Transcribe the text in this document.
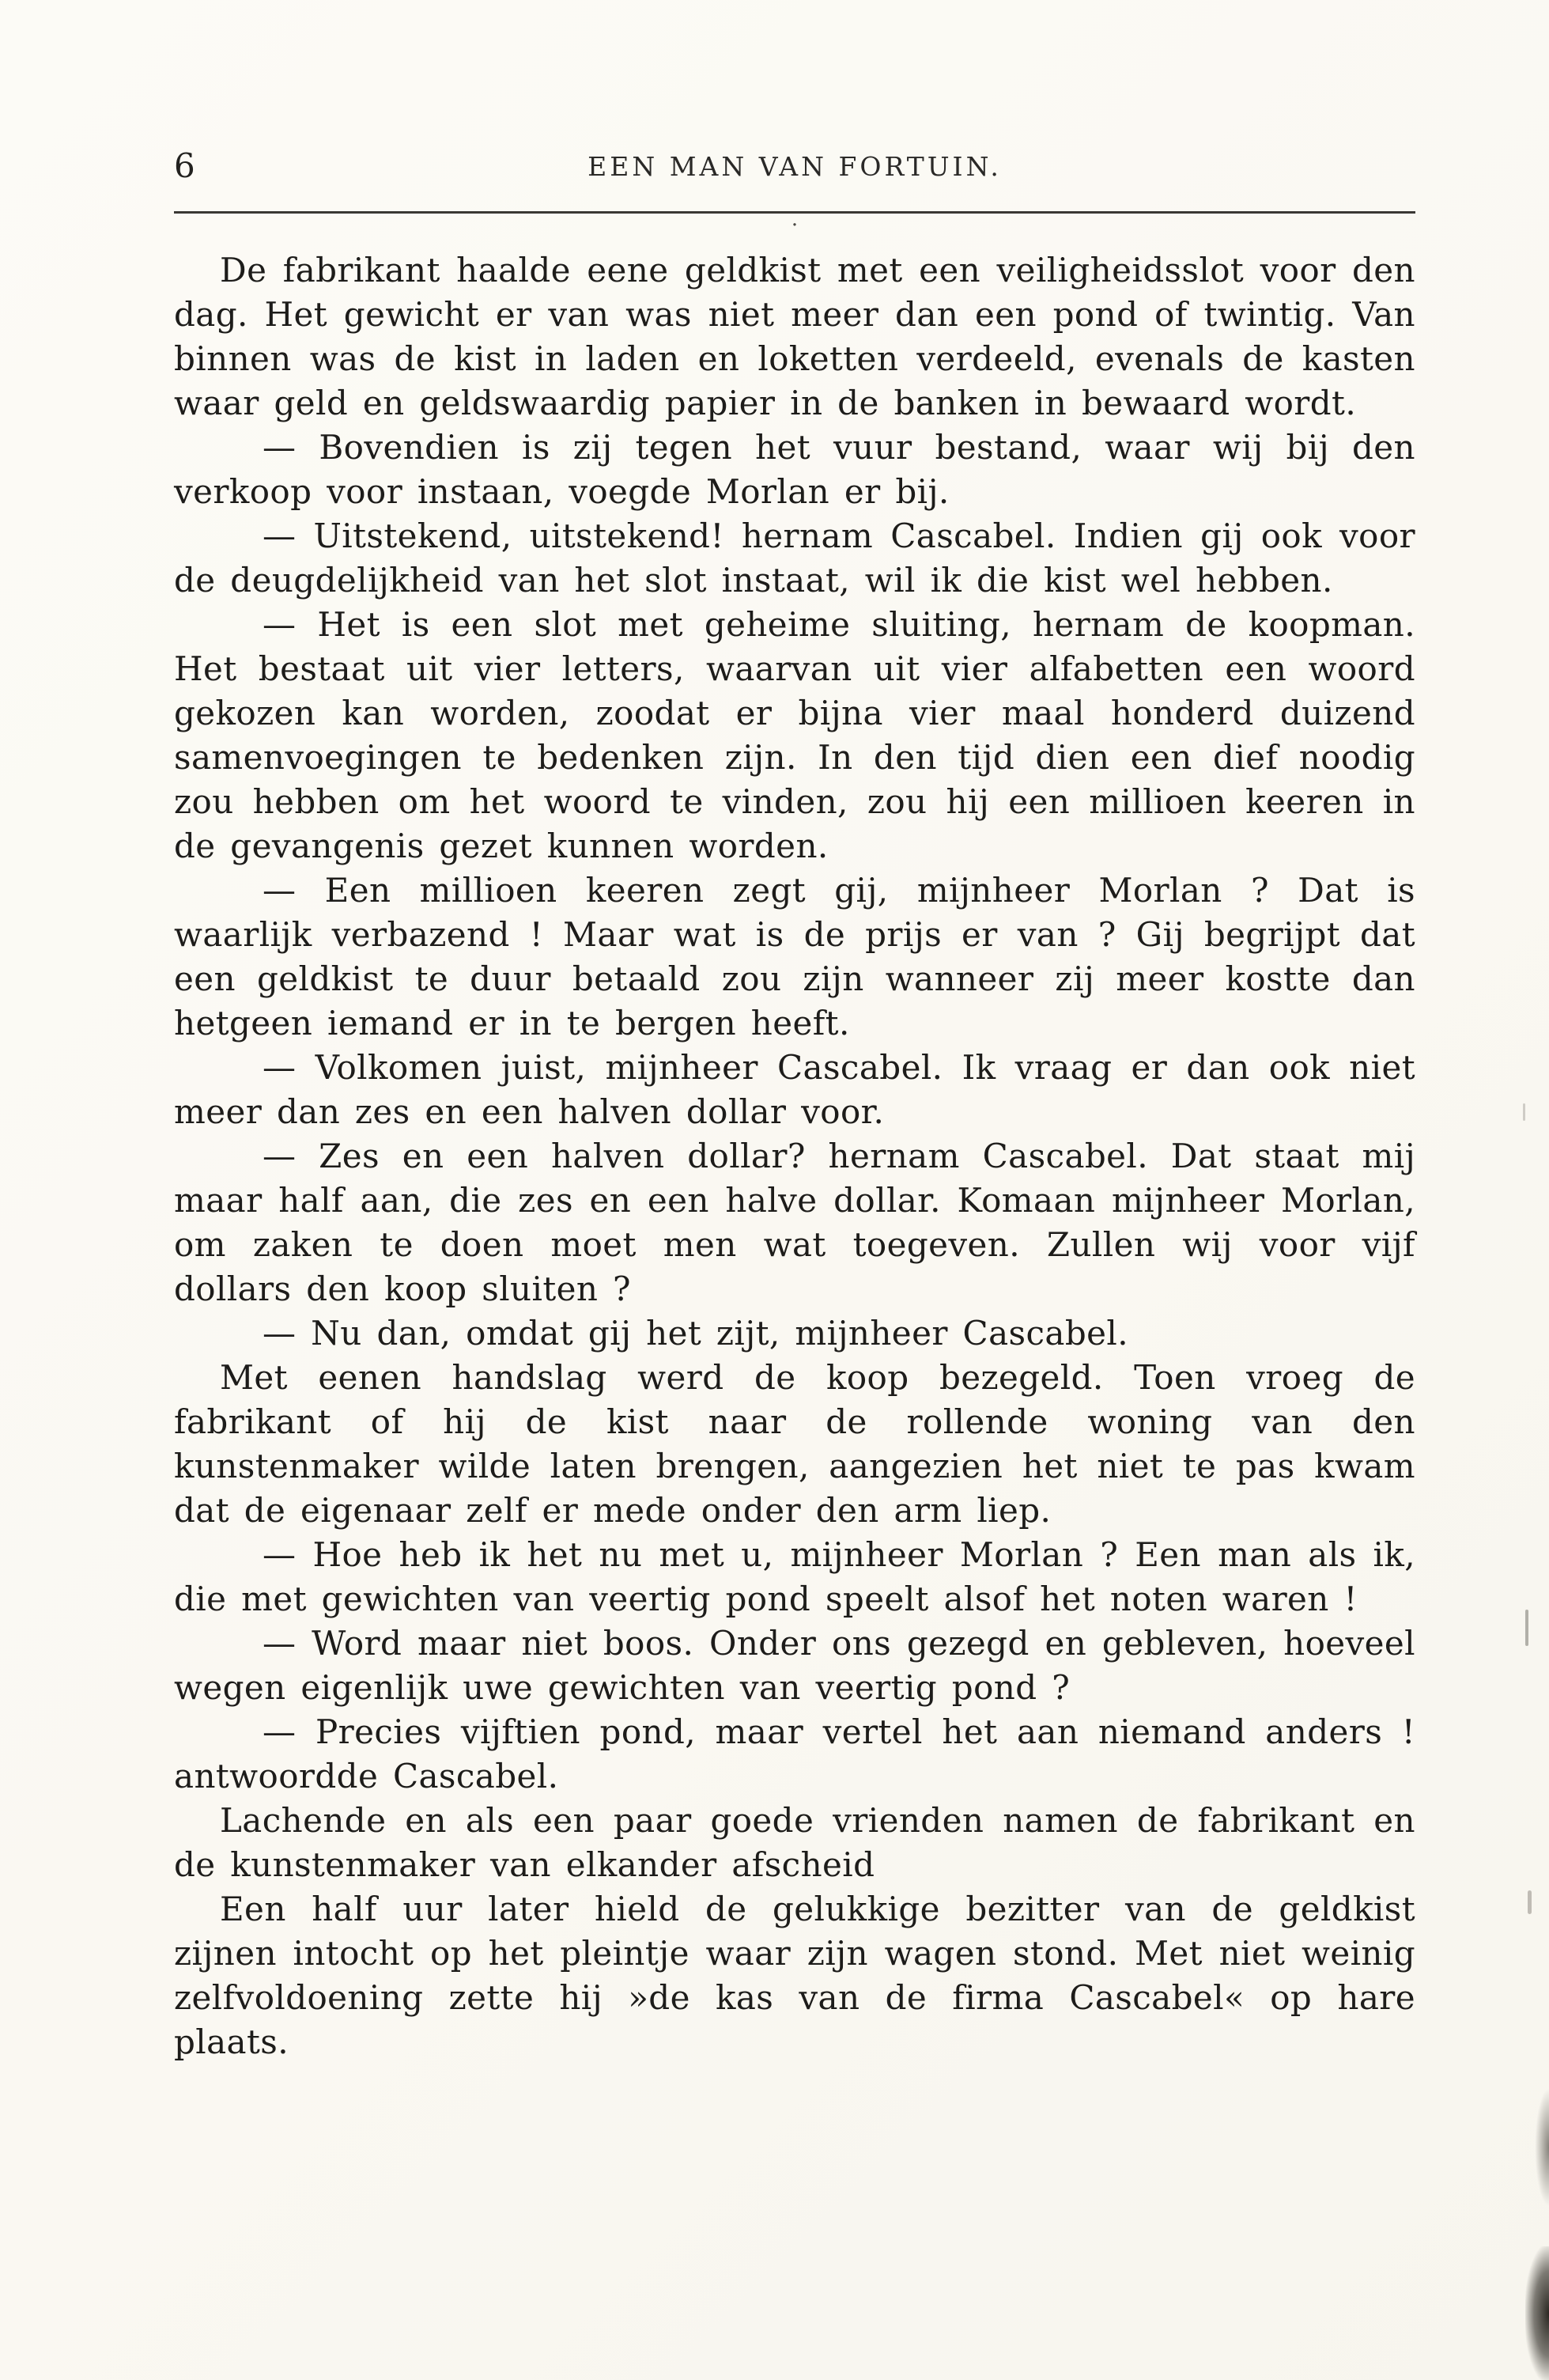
6	EEN MAN VAN FORTUIN.
·

De fabrikant haalde eene geldkist met een veiligheidsslot voor den dag. Het gewicht er van was niet meer dan een pond of twintig. Van binnen was de kist in laden en loketten verdeeld, evenals de kasten waar geld en geldswaardig papier in de banken in bewaard wordt.

— Bovendien is zij tegen het vuur bestand, waar wij bij den verkoop voor instaan, voegde Morlan er bij.

— Uitstekend, uitstekend! hernam Cascabel. Indien gij ook voor de deugdelijkheid van het slot instaat, wil ik die kist wel hebben.

— Het is een slot met geheime sluiting, hernam de koopman. Het bestaat uit vier letters, waarvan uit vier alfabetten een woord gekozen kan worden, zoodat er bijna vier maal honderd duizend samenvoegingen te bedenken zijn. In den tijd dien een dief noodig zou hebben om het woord te vinden, zou hij een millioen keeren in de gevangenis gezet kunnen worden.

— Een millioen keeren zegt gij, mijnheer Morlan ? Dat is waarlijk verbazend ! Maar wat is de prijs er van ? Gij begrijpt dat een geldkist te duur betaald zou zijn wanneer zij meer kostte dan hetgeen iemand er in te bergen heeft.

— Volkomen juist, mijnheer Cascabel. Ik vraag er dan ook niet meer dan zes en een halven dollar voor.

— Zes en een halven dollar? hernam Cascabel. Dat staat mij maar half aan, die zes en een halve dollar. Komaan mijnheer Morlan, om zaken te doen moet men wat toegeven. Zullen wij voor vijf dollars den koop sluiten ?

— Nu dan, omdat gij het zijt, mijnheer Cascabel.

Met eenen handslag werd de koop bezegeld. Toen vroeg de fabrikant of hij de kist naar de rollende woning van den kunstenmaker wilde laten brengen, aangezien het niet te pas kwam dat de eigenaar zelf er mede onder den arm liep.

— Hoe heb ik het nu met u, mijnheer Morlan ? Een man als ik, die met gewichten van veertig pond speelt alsof het noten waren !

— Word maar niet boos. Onder ons gezegd en gebleven, hoeveel wegen eigenlijk uwe gewichten van veertig pond ?

— Precies vijftien pond, maar vertel het aan niemand anders ! antwoordde Cascabel.

Lachende en als een paar goede vrienden namen de fabrikant en de kunstenmaker van elkander afscheid

Een half uur later hield de gelukkige bezitter van de geldkist zijnen intocht op het pleintje waar zijn wagen stond. Met niet weinig zelfvoldoening zette hij »de kas van de firma Cascabel« op hare plaats.
